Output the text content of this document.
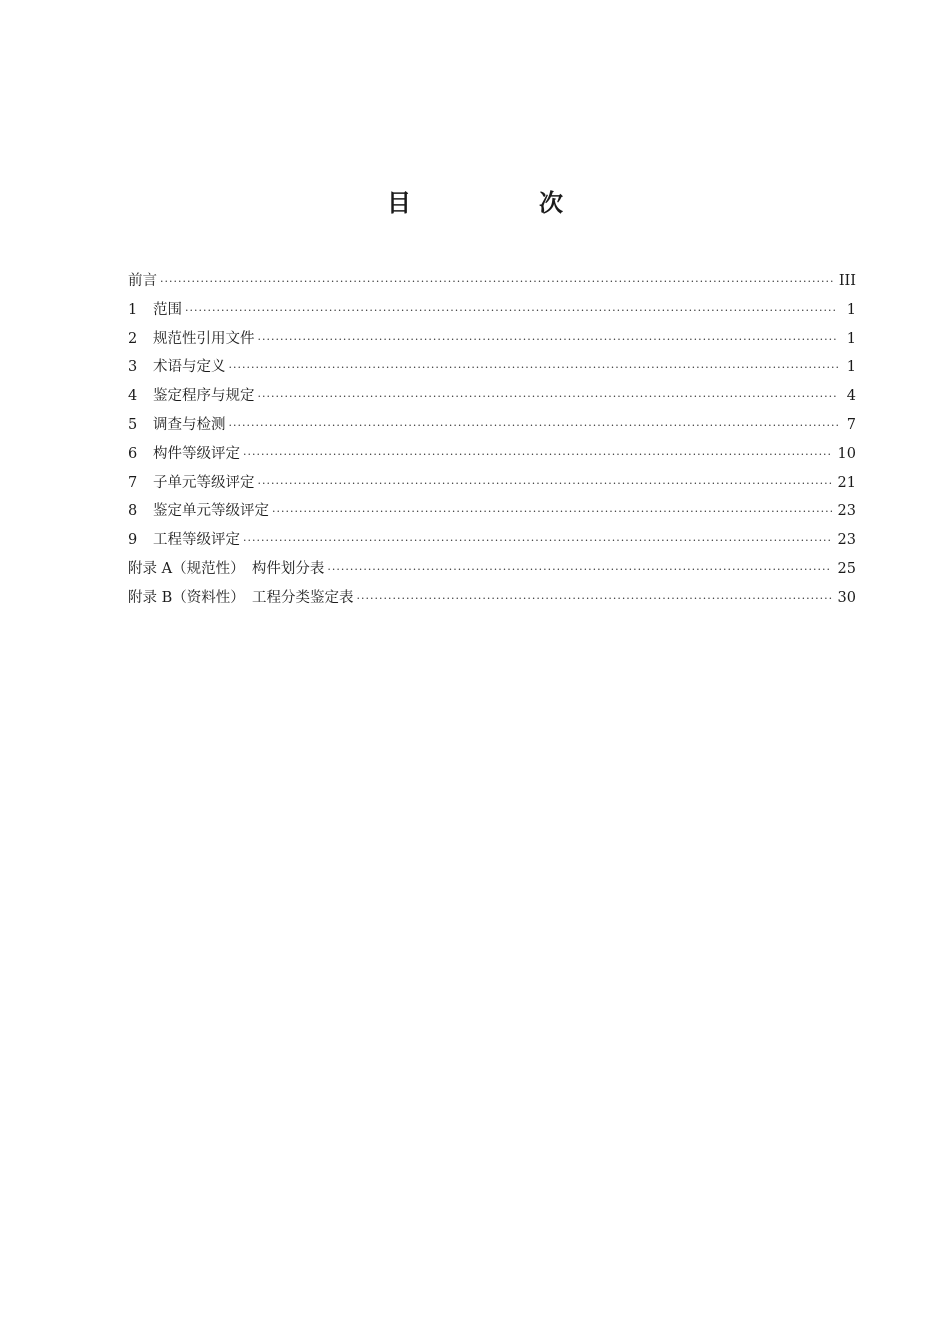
目　次
前言 ·····	III
1	范围 ·····	1
2	规范性引用文件 ·····	1
3	术语与定义 ·····	1
4	鉴定程序与规定 ·····	4
5	调查与检测 ·····	7
6	构件等级评定 ·····	10
7	子单元等级评定 ·····	21
8	鉴定单元等级评定 ·····	23
9	工程等级评定 ·····	23
附录 A（规范性）　构件划分表 ·····	25
附录 B（资料性）　工程分类鉴定表 ·····	30
